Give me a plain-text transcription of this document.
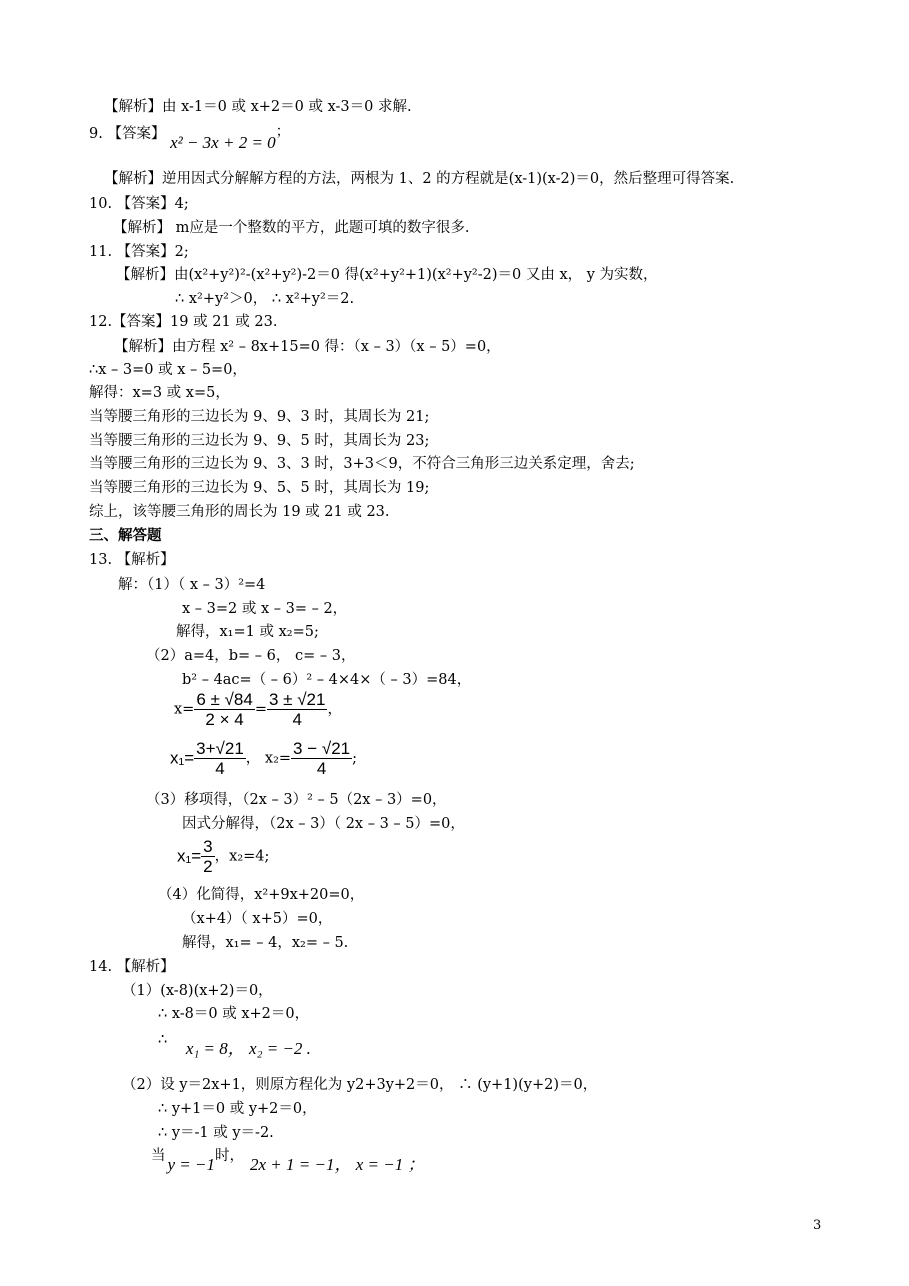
【解析】由 x-1＝0 或 x+2＝0 或 x-3＝0 求解.
9. 【答案】 x² − 3x + 2 = 0；
【解析】逆用因式分解解方程的方法，两根为 1、2 的方程就是(x-1)(x-2)＝0，然后整理可得答案.
10. 【答案】4;
【解析】 m应是一个整数的平方，此题可填的数字很多.
11. 【答案】2;
【解析】由(x²+y²)²-(x²+y²)-2＝0 得(x²+y²+1)(x²+y²-2)＝0 又由 x， y 为实数，
∴ x²+y²＞0， ∴ x²+y²＝2.
12.【答案】19 或 21 或 23.
【解析】由方程 x² – 8x+15=0 得：（x – 3）（x – 5）=0，
∴x – 3=0 或 x – 5=0，
解得：x=3 或 x=5，
当等腰三角形的三边长为 9、9、3 时，其周长为 21;
当等腰三角形的三边长为 9、9、5 时，其周长为 23;
当等腰三角形的三边长为 9、3、3 时，3+3＜9，不符合三角形三边关系定理，舍去;
当等腰三角形的三边长为 9、5、5 时，其周长为 19;
综上，该等腰三角形的周长为 19 或 21 或 23.
三、解答题
13. 【解析】
解：（1）（ x – 3）²=4
x – 3=2 或 x – 3= – 2，
解得，x₁=1 或 x₂=5;
（2）a=4，b= – 6， c= – 3，
b² – 4ac=（ – 6）² – 4×4×（ – 3）=84，
$x= \frac{6 \pm √84}{2 \times 4} = \frac{3 \pm √21}{4}$ ，
$x_1= \frac{3+√21}{4}$ ， $x_2= \frac{3 - √21}{4}$ ;
（3）移项得，（2x – 3）² – 5（2x – 3）=0，
因式分解得，（2x – 3）（ 2x – 3 – 5）=0，
$x_1= \frac{3}{2}$ ，x₂=4;
（4）化简得，x²+9x+20=0，
（x+4）（ x+5）=0，
解得，x₁= – 4，x₂= – 5.
14. 【解析】
（1）(x-8)(x+2)＝0，
∴ x-8＝0 或 x+2＝0，
∴ x₁ = 8， x₂ = −2 .
（2）设 y＝2x+1，则原方程化为 y2+3y+2＝0， ∴ (y+1)(y+2)＝0，
∴ y+1＝0 或 y+2＝0，
∴ y＝-1 或 y＝-2.
当 y = −1时， 2x + 1 = −1， x = −1 ；
3
